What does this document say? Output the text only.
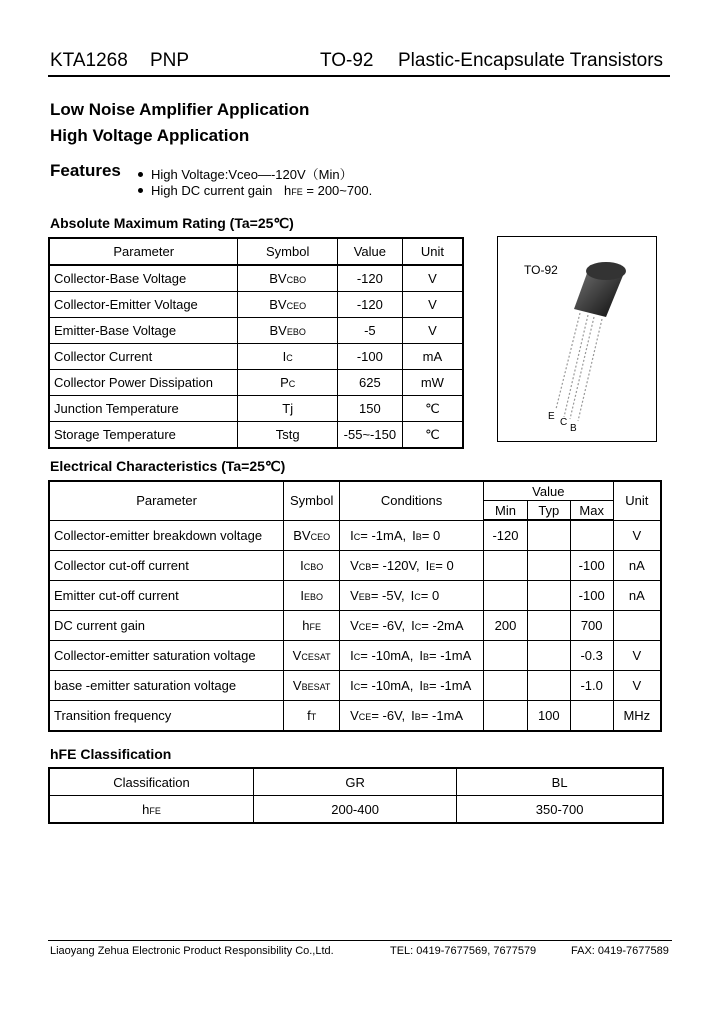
KTA1268 PNP	TO-92 Plastic-Encapsulate Transistors
Low Noise Amplifier Application
High Voltage Application
Features	High Voltage:Vceo—-120V（Min）
High DC current gain hFE = 200~700.
Absolute Maximum Rating (Ta=25℃)
Parameter	Symbol	Value	Unit
Collector-Base Voltage	BVCBO	-120	V
Collector-Emitter Voltage	BVCEO	-120	V
Emitter-Base Voltage	BVEBO	-5	V
Collector Current	IC	-100	mA
Collector Power Dissipation	PC	625	mW
Junction Temperature	Tj	150	℃
Storage Temperature	Tstg	-55~-150	℃
TO-92
E
C
B
Electrical Characteristics (Ta=25℃)
Parameter	Symbol	Conditions	Value			Unit
			Min	Typ	Max	
Collector-emitter breakdown voltage	BVCEO	IC= -1mA, IB= 0	-120			V
Collector cut-off current	ICBO	VCB= -120V, IE= 0			-100	nA
Emitter cut-off current	IEBO	VEB= -5V, IC= 0			-100	nA
DC current gain	hFE	VCE= -6V, IC= -2mA	200		700	
Collector-emitter saturation voltage	VCESAT	IC= -10mA, IB= -1mA			-0.3	V
base -emitter saturation voltage	VBESAT	IC= -10mA, IB= -1mA			-1.0	V
Transition frequency	fT	VCE= -6V, IB= -1mA		100		MHz
hFE Classification
Classification	GR	BL
hFE	200-400	350-700
Liaoyang Zehua Electronic Product Responsibility Co.,Ltd.	TEL: 0419-7677569, 7677579	FAX: 0419-7677589
